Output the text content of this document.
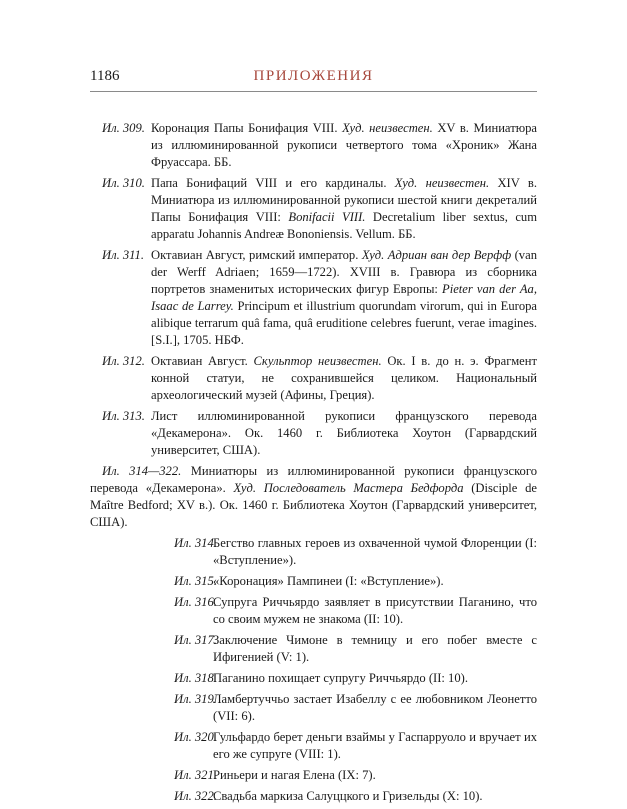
1186	ПРИЛОЖЕНИЯ

Ил. 309. Коронация Папы Бонифация VIII. Худ. неизвестен. XV в. Миниатюра из иллюминированной рукописи четвертого тома «Хроник» Жана Фруассара. ББ.

Ил. 310. Папа Бонифаций VIII и его кардиналы. Худ. неизвестен. XIV в. Миниатюра из иллюминированной рукописи шестой книги декреталий Папы Бонифация VIII: Bonifacii VIII. Decretalium liber sextus, cum apparatu Johannis Andreæ Bononiensis. Vellum. ББ.

Ил. 311. Октавиан Август, римский император. Худ. Адриан ван дер Верфф (van der Werff Adriaen; 1659—1722). XVIII в. Гравюра из сборника портретов знаменитых исторических фигур Европы: Pieter van der Aa, Isaac de Larrey. Principum et illustrium quorundam virorum, qui in Europa alibique terrarum quâ fama, quâ eruditione celebres fuerunt, verae imagines. [S.I.], 1705. НБФ.

Ил. 312. Октавиан Август. Скульптор неизвестен. Ок. I в. до н. э. Фрагмент конной статуи, не сохранившейся целиком. Национальный археологический музей (Афины, Греция).

Ил. 313. Лист иллюминированной рукописи французского перевода «Декамерона». Ок. 1460 г. Библиотека Хоутон (Гарвардский университет, США).

Ил. 314—322. Миниатюры из иллюминированной рукописи французского перевода «Декамерона». Худ. Последователь Мастера Бедфорда (Disciple de Maître Bedford; XV в.). Ок. 1460 г. Библиотека Хоутон (Гарвардский университет, США).

Ил. 314.
Бегство главных героев из охваченной чумой Флоренции (I: «Вступление»).
Ил. 315.
«Коронация» Пампинеи (I: «Вступление»).
Ил. 316.
Супруга Риччьярдо заявляет в присутствии Паганино, что со своим мужем не знакома (II: 10).
Ил. 317.
Заключение Чимоне в темницу и его побег вместе с Ифигенией (V: 1).
Ил. 318.
Паганино похищает супругу Риччьярдо (II: 10).
Ил. 319.
Ламбертуччьо застает Изабеллу с ее любовником Леонетто (VII: 6).
Ил. 320.
Гульфардо берет деньги взаймы у Гаспарруоло и вручает их его же супруге (VIII: 1).
Ил. 321.
Риньери и нагая Елена (IX: 7).
Ил. 322.
Свадьба маркиза Салуццкого и Гризельды (X: 10).
